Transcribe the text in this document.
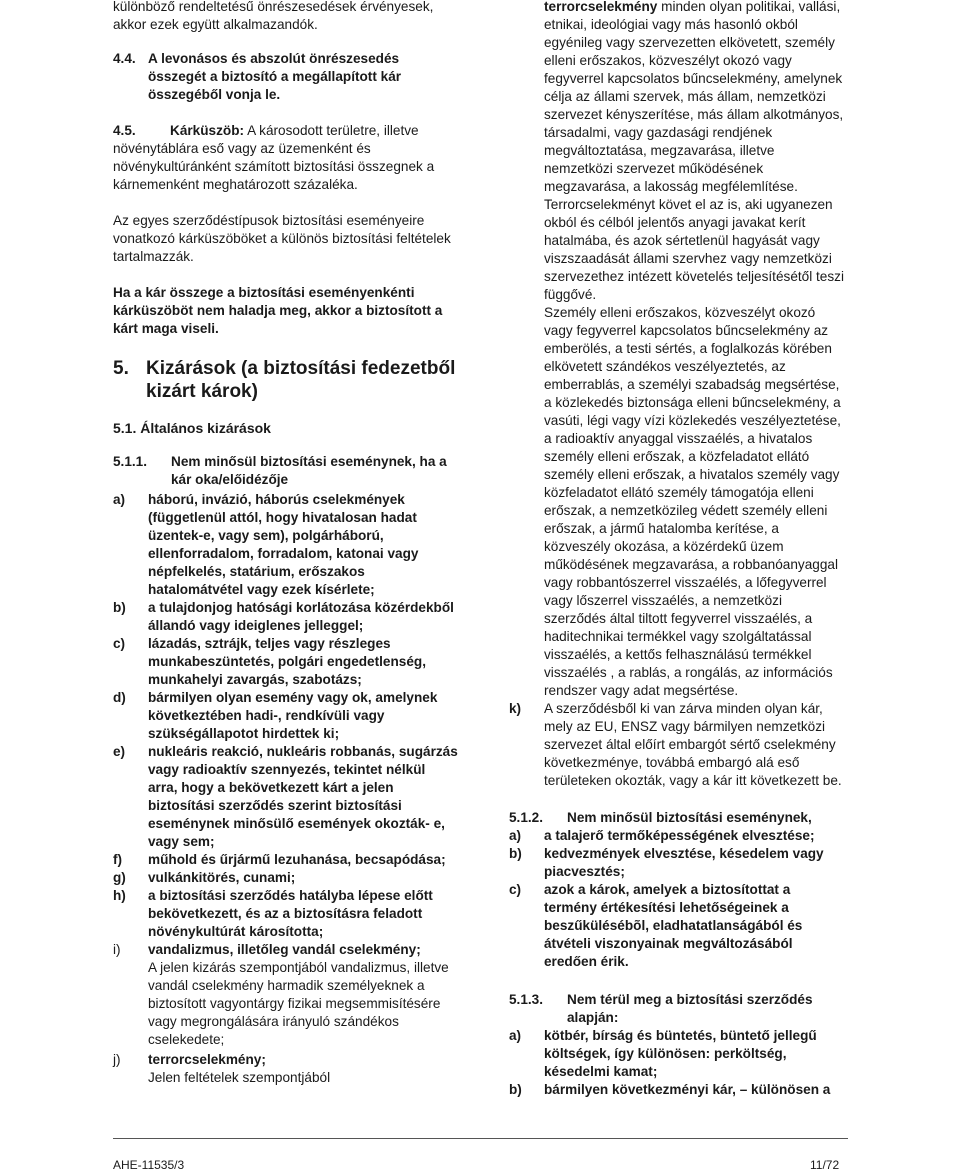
különböző rendeltetésű önrészesedések érvényesek, akkor ezek együtt alkalmazandók.

4.4. A levonásos és abszolút önrészesedés összegét a biztosító a megállapított kár összegéből vonja le.

4.5.	Kárküszöb: A károsodott területre, illetve növénytáblára eső vagy az üzemenként és növénykultúránként számított biztosítási összegnek a kárnemenként meghatározott százaléka.

Az egyes szerződéstípusok biztosítási eseményeire vonatkozó kárküszöböket a különös biztosítási feltételek tartalmazzák.

Ha a kár összege a biztosítási eseményenkénti kárküszöböt nem haladja meg, akkor a biztosított a kárt maga viseli.

5. Kizárások (a biztosítási fedezetből kizárt károk)
5.1. Általános kizárások
5.1.1.	Nem minősül biztosítási eseménynek, ha a kár oka/előidézője
a)	háború, invázió, háborús cselekmények (függetlenül attól, hogy hivatalosan hadat üzentek-e, vagy sem), polgárháború, ellenforradalom, forradalom, katonai vagy népfelkelés, statárium, erőszakos hatalomátvétel vagy ezek kísérlete;
b)	a tulajdonjog hatósági korlátozása közérdekből állandó vagy ideiglenes jelleggel;
c)	lázadás, sztrájk, teljes vagy részleges munkabeszüntetés, polgári engedetlenség, munkahelyi zavargás, szabotázs;
d)	bármilyen olyan esemény vagy ok, amelynek következtében hadi-, rendkívüli vagy szükségállapotot hirdettek ki;
e)	nukleáris reakció, nukleáris robbanás, sugárzás vagy radioaktív szennyezés, tekintet nélkül arra, hogy a bekövetkezett kárt a jelen biztosítási szerződés szerint biztosítási eseménynek minősülő események okozták- e, vagy sem;
f)	műhold és űrjármű lezuhanása, becsapódása;
g)	vulkánkitörés, cunami;
h)	a biztosítási szerződés hatályba lépese előtt bekövetkezett, és az a biztosításra feladott növénykultúrát károsította;
i)	vandalizmus, illetőleg vandál cselekmény;
A jelen kizárás szempontjából vandalizmus, illetve vandál cselekmény harmadik személyeknek a biztosított vagyontárgy fizikai megsemmisítésére vagy megrongálására irányuló szándékos cselekedete;
j)	terrorcselekmény;
Jelen feltételek szempontjából

terrorcselekmény minden olyan politikai, vallási, etnikai, ideológiai vagy más hasonló okból egyénileg vagy szervezetten elkövetett, személy elleni erőszakos, közveszélyt okozó vagy fegyverrel kapcsolatos bűncselekmény, amelynek célja az állami szervek, más állam, nemzetközi szervezet kényszerítése, más állam alkotmányos, társadalmi, vagy gazdasági rendjének megváltoztatása, megzavarása, illetve nemzetközi szervezet működésének megzavarása, a lakosság megfélemlítése.

Terrorcselekményt követ el az is, aki ugyanezen okból és célból jelentős anyagi javakat kerít hatalmába, és azok sértetlenül hagyását vagy viszszaadását állami szervhez vagy nemzetközi szervezethez intézett követelés teljesítésétől teszi függővé.

Személy elleni erőszakos, közveszélyt okozó vagy fegyverrel kapcsolatos bűncselekmény az emberölés, a testi sértés, a foglalkozás körében elkövetett szándékos veszélyeztetés, az emberrablás, a személyi szabadság megsértése, a közlekedés biztonsága elleni bűncselekmény, a vasúti, légi vagy vízi közlekedés veszélyeztetése, a radioaktív anyaggal visszaélés, a hivatalos személy elleni erőszak, a közfeladatot ellátó személy elleni erőszak, a hivatalos személy vagy közfeladatot ellátó személy támogatója elleni erőszak, a nemzetközileg védett személy elleni erőszak, a jármű hatalomba kerítése, a közveszély okozása, a közérdekű üzem működésének megzavarása, a robbanóanyaggal vagy robbantószerrel visszaélés, a lőfegyverrel vagy lőszerrel visszaélés, a nemzetközi szerződés által tiltott fegyverrel visszaélés, a haditechnikai termékkel vagy szolgáltatással visszaélés, a kettős felhasználású termékkel visszaélés , a rablás, a rongálás, az információs rendszer vagy adat megsértése.

k)	A szerződésből ki van zárva minden olyan kár, mely az EU, ENSZ vagy bármilyen nemzetközi szervezet által előírt embargót sértő cselekmény következménye, továbbá embargó alá eső területeken okozták, vagy a kár itt következett be.
5.1.2.	Nem minősül biztosítási eseménynek,
a)	a talajerő termőképességének elvesztése;
b)	kedvezmények elvesztése, késedelem vagy piacvesztés;
c)	azok a károk, amelyek a biztosítottat a termény értékesítési lehetőségeinek a beszűkülésébõl, eladhatatlanságából és átvételi viszonyainak megváltozásából eredően érik.
5.1.3.	Nem térül meg a biztosítási szerződés alapján:
a)	kötbér, bírság és büntetés, büntető jellegű költségek, így különösen: perköltség, késedelmi kamat;
b)	bármilyen következményi kár, – különösen a
AHE-11535/3	11/72
